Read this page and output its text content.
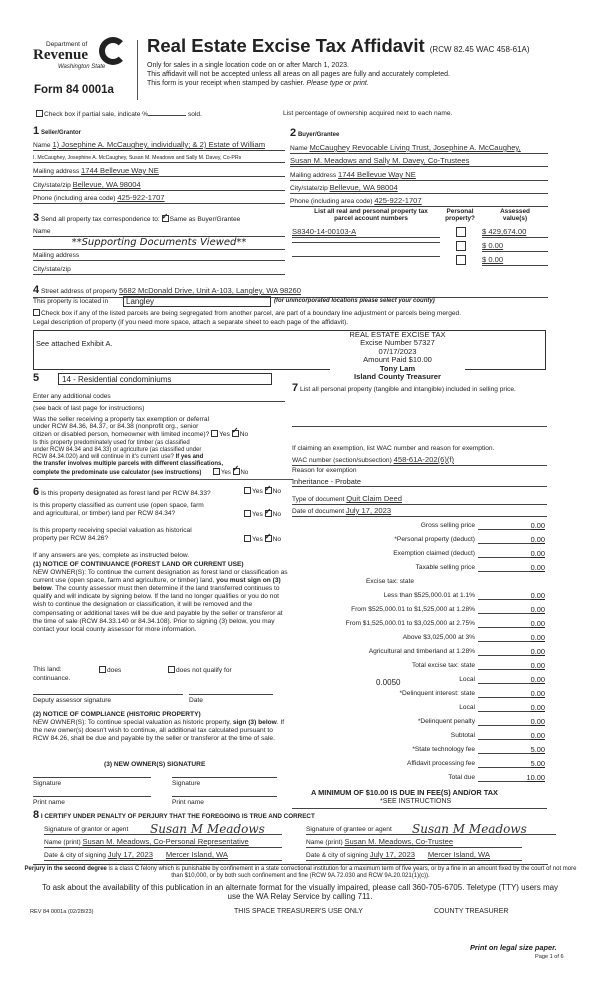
Department of
Revenue
Washington State
Form 84 0001a
Real Estate Excise Tax Affidavit (RCW 82.45 WAC 458-61A)
Only for sales in a single location code on or after March 1, 2023.
This affidavit will not be accepted unless all areas on all pages are fully and accurately completed.
This form is your receipt when stamped by cashier. Please type or print.
Check box if partial sale, indicate %	sold.	List percentage of ownership acquired next to each name.
1 Seller/Grantor
Name 1) Josephine A. McCaughey, individually; & 2) Estate of William
I. McCaughey, Josephine A. McCaughey, Susan M. Meadows and Sally M. Davey, Co-PRs
Mailing address 1744 Bellevue Way NE
City/state/zip Bellevue, WA 98004
Phone (including area code) 425-922-1707
2 Buyer/Grantee
Name McCaughey Revocable Living Trust, Josephine A. McCaughey,
Susan M. Meadows and Sally M. Davey, Co-Trustees
Mailing address 1744 Bellevue Way NE
City/state/zip Bellevue, WA 98004
Phone (including area code) 425-922-1707
3 Send all property tax correspondence to: ✓ Same as Buyer/Grantee
Name
**Supporting Documents Viewed**
Mailing address
City/state/zip
List all real and personal property tax
parcel account numbers
Personal
property?
Assessed
value(s)
S8340-14-00103-A	$ 429,674.00
$ 0.00
$ 0.00
4 Street address of property 5682 McDonald Drive, Unit A-103, Langley, WA 98260
This property is located in	Langley	(for unincorporated locations please select your county)
Check box if any of the listed parcels are being segregated from another parcel, are part of a boundary line adjustment or parcels being merged.
Legal description of property (if you need more space, attach a separate sheet to each page of the affidavit).
See attached Exhibit A.
REAL ESTATE EXCISE TAX
Excise Number 57327
07/17/2023
Amount Paid $10.00
Tony Lam
Island County Treasurer
5	14 - Residential condominiums
Enter any additional codes
(see back of last page for instructions)
Was the seller receiving a property tax exemption or deferral
under RCW 84.36, 84.37, or 84.38 (nonprofit org., senior
citizen or disabled person, homeowner with limited income)? Yes ✓ No
Is this property predominately used for timber (as classified
under RCW 84.34 and 84.33) or agriculture (as classified under
RCW 84.34.020) and will continue in it's current use? If yes and
the transfer involves multiple parcels with different classifications,
complete the predominate use calculator (see instructions)	Yes ✓ No
6 Is this property designated as forest land per RCW 84.33?	Yes ✓ No
Is this property classified as current use (open space, farm
and agricultural, or timber) land per RCW 84.34?	Yes ✓ No
Is this property receiving special valuation as historical
property per RCW 84.26?	Yes ✓ No
If any answers are yes, complete as instructed below.
(1) NOTICE OF CONTINUANCE (FOREST LAND OR CURRENT USE)
NEW OWNER(S): To continue the current designation as forest land or classification as current use (open space, farm and agriculture, or timber) land, you must sign on (3) below. The county assessor must then determine if the land transferred continues to qualify and will indicate by signing below. If the land no longer qualifies or you do not wish to continue the designation or classification, it will be removed and the compensating or additional taxes will be due and payable by the seller or transferor at the time of sale (RCW 84.33.140 or 84.34.108). Prior to signing (3) below, you may contact your local county assessor for more information.
This land:	does	does not qualify for
continuance.
Deputy assessor signature	Date
(2) NOTICE OF COMPLIANCE (HISTORIC PROPERTY)
NEW OWNER(S): To continue special valuation as historic property, sign (3) below. If the new owner(s) doesn't wish to continue, all additional tax calculated pursuant to RCW 84.26, shall be due and payable by the seller or transferor at the time of sale.
(3) NEW OWNER(S) SIGNATURE
Signature	Signature
Print name	Print name
7 List all personal property (tangible and intangible) included in selling price.
If claiming an exemption, list WAC number and reason for exemption.
WAC number (section/subsection) 458-61A-202(6)(f)
Reason for exemption
Inheritance - Probate
Type of document Quit Claim Deed
Date of document July 17, 2023
Gross selling price	0.00
*Personal property (deduct)	0.00
Exemption claimed (deduct)	0.00
Taxable selling price	0.00
Excise tax: state
Less than $525,000.01 at 1.1%	0.00
From $525,000.01 to $1,525,000 at 1.28%	0.00
From $1,525,000.01 to $3,025,000 at 2.75%	0.00
Above $3,025,000 at 3%	0.00
Agricultural and timberland at 1.28%	0.00
Total excise tax: state	0.00
Local	0.00
*Delinquent interest: state	0.00
Local	0.00
*Delinquent penalty	0.00
Subtotal	0.00
*State technology fee	5.00
Affidavit processing fee	5.00
Total due	10.00
0.0050
A MINIMUM OF $10.00 IS DUE IN FEE(S) AND/OR TAX
*SEE INSTRUCTIONS
8 I CERTIFY UNDER PENALTY OF PERJURY THAT THE FOREGOING IS TRUE AND CORRECT
Signature of grantor or agent	Susan M Meadows
Name (print) Susan M. Meadows, Co-Personal Representative
Date & city of signing July 17, 2023 Mercer Island, WA
Signature of grantee or agent	Susan M Meadows
Name (print) Susan M. Meadows, Co-Trustee
Date & city of signing July 17, 2023 Mercer Island, WA
Perjury in the second degree is a class C felony which is punishable by confinement in a state correctional institution for a maximum term of five years, or by a fine in an amount fixed by the court of not more than $10,000, or by both such confinement and fine (RCW 9A.72.030 and RCW 9A.20.021(1)(c)).
To ask about the availability of this publication in an alternate format for the visually impaired, please call 360-705-6705. Teletype (TTY) users may use the WA Relay Service by calling 711.
REV 84 0001a (02/28/23)	THIS SPACE TREASURER'S USE ONLY	COUNTY TREASURER
Print on legal size paper.
Page 1 of 6
